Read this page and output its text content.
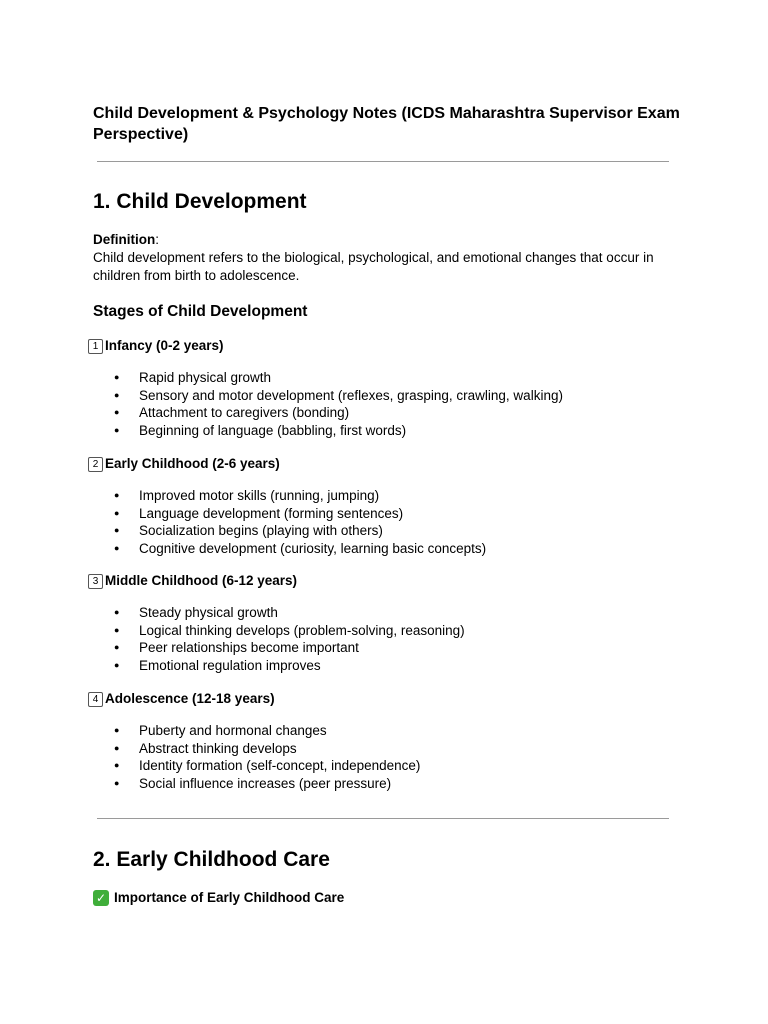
Child Development & Psychology Notes (ICDS Maharashtra Supervisor Exam Perspective)
1. Child Development
Definition:
Child development refers to the biological, psychological, and emotional changes that occur in children from birth to adolescence.
Stages of Child Development
1 Infancy (0-2 years)
● Rapid physical growth
● Sensory and motor development (reflexes, grasping, crawling, walking)
● Attachment to caregivers (bonding)
● Beginning of language (babbling, first words)
2 Early Childhood (2-6 years)
● Improved motor skills (running, jumping)
● Language development (forming sentences)
● Socialization begins (playing with others)
● Cognitive development (curiosity, learning basic concepts)
3 Middle Childhood (6-12 years)
● Steady physical growth
● Logical thinking develops (problem-solving, reasoning)
● Peer relationships become important
● Emotional regulation improves
4 Adolescence (12-18 years)
● Puberty and hormonal changes
● Abstract thinking develops
● Identity formation (self-concept, independence)
● Social influence increases (peer pressure)
2. Early Childhood Care
✓ Importance of Early Childhood Care
